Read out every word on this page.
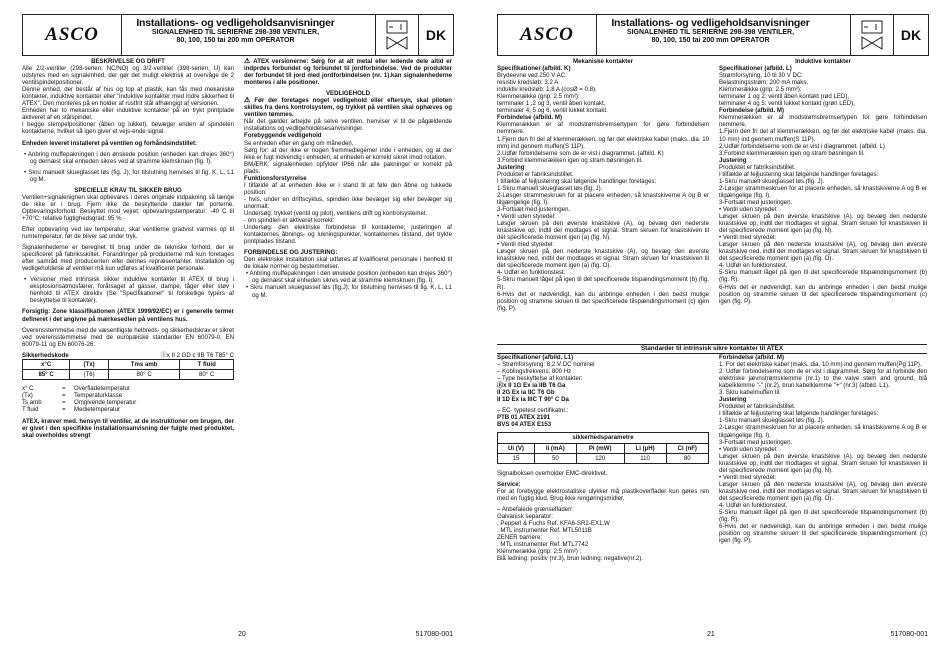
ASCO
Installations- og vedligeholdsanvisninger
SIGNALENHED TIL SERIERNE 298-398 VENTILER,
80, 100, 150 tai 200 mm OPERATOR	DK

BESKRIVELSE OG DRIFT

Alle 2/2-ventiler (298-serien, NC/NO) og 3/2-ventiler (398-serien, U) kan udstyres med en signalenhed, der gør det muligt elektrisk at overvåge de 2 ventilspindelpositioner.

Denne enhed, der består af hus og top af plastik, kan fås med mekaniske kontakter, induktive kontakter eller "induktive kontakter med indre sikkerhed til ATEX". Den monteres på en holder af rustfrit stål afhængigt af versionen.

Enheden har to mekaniske eller induktive kontakter på en trykt printplade aktiveret af en stålspindel.

I begge stempelpositioner (åben og lukket), bevæger enden af spindelen kontakterne, hvilket så igen giver et vejs-ende signal.

Enheden leveret installeret på ventilen og forhåndsindstillet:

• Anbring muffepakningen i den ønskede position (enheden kan drejes 360°) og dernæst skal enheden sikres ved at stramme klemskruen (fig. I).

• Skru manuelt skueglasset løs (fig. J); for tilslutning henvises til fig. K, L, L1 og M.

SPECIELLE KRAV TIL SIKKER BRUG

Ventilen+signalenignen skal opbevares i deres originale indpakning så længe de ikke er i brug. Fjern ikke de beskyttende dækler før porterne. Opbevaringsforhold: Beskyttet mod vejret; opbevaringstemperatur: -40 C til +70°C; relative fugtighedsgrad: 95 %

Efter opbevaring ved lav temperatur, skal ventilerne gradvist varmes op til rumtemperatur, før de bliver sat under tryk.

Signalenhederne er beregnet til brug under de tekniske forhold, der er specificeret på fabriksskiltet. Forandringer på produkterne må kun foretages efter samråd med producenten eller dennes repræsentanter. Installation og vedligeholdelse af ventilen må kun udføres af kvalificeret personale.

• Versioner med intrinsisk sikker induktive kontakter til ATEX til brug i eksplosionsatmosfærer, forårsaget af gasser, dampe, tåger eller støv i henhold til ATEX direktiv (Se "Specifikationer" til forskellige typers af beskyttelse til kontakter).

Forsigtig: Zone klassifikationen (ATEX 1999/92/EC) er i generelle termer defineret i det angivne på mærkesedlen på ventilens hus.

Overensstemmelse med de væsentligste helbreds- og sikkerhedskrav er sikret ved overensstemmelse med de europæiske standarder EN 60079-0, EN 60079-11 og EN 60076-26.

Sikkerhedskode	Ⓔx II 2 GD c IIB T6 T85° C
x°C	(Tx)	Tms amb	T fluid
85° C	(T6)	80° C	80° C
x° C	=	Overfladetemperatur
(Tx)	=	Temperaturklasse
Ts amb	=	Omgivende temperatur
T fluid	=	Medietemperatur

ATEX, kræver med. hensyn til ventiler, at de instruktioner om brugen, der er givet i den specifikke installationsanvisning der fulgte med produktet, skal overholdes strengt

⚠ ATEX versionerne: Sørg for at alt metal eller ledende dele altid er indprdes forbundet og forbundet til jordforbindelse. Ved de produkter der forbundet til jord med jordforbindelsen (nr. 1).kan signalenhederne monteres i alle positioner.

VEDLIGEHOLD

⚠ Før der foretages noget vedligehold eller eftersyn, skal piloten skilles fra dens kontrolsystem, og trykket på ventilen skal ophæves og ventilen tømmes.

Når det gælder arbejde på selve ventilen, henviser vi til de pågældende installations og vedligeholdelsesanvisninger.

Forebyggende vedligehold

Se enheden efter en gang om måneden.

Sørg for: at der ikke er nogen fremmedlegemer inde i enheden, og at der ikke er fugt indvendig i enheden, at enheden er korrekt sikret imod rotation.

BMÆRK: signalenheden opfylder IP66 når alle pakninger er korrekt på plads.

Funktionsforstyrrelse

I tilfælde af at enheden ikke er i stand til at føle den åbne og lukkede position:

- hvis, under en driftscyklus, spindlen ikke bevæger sig eller bevæger sig unormalt:

Undersøg: trykket (ventil og pilot), ventilens drift og kontrolsystemet.

- om spindlen er aktiveret korrekt:

Undersøg: den elektriske forbindelse til kontakterne, justeringen af kontakternes åbnings- og lukningspunkter, kontakternes tilstand, det trykte printplades tilstand.

FORBINDELSE OG JUSTERING:

Den elektriske installation skal udføres af kvalificeret personale i henhold til de lokale normer og bestemmelser.

• Anbring muffepakningen i den ønskede position (enheden kan drejes 360°) og dernæst skal enheden sikres ved at stramme klemskruen (fig. I).

• Skru manuelt skueglasset løs (fig.J); for tilslutning henvises til fig. K, L, L1 og M.

20	517080-001
ASCO
Installations- og vedligeholdsanvisninger
SIGNALENHED TIL SERIERNE 298-398 VENTILER,
80, 100, 150 tai 200 mm OPERATOR	DK

Mekaniske kontakter

Specifikationer (afbild. K)

Brydeevne ved 250 V AC:

resistiv kredsløb: 3.2 A

induktiv kredsløb: 1.8 A (cosØ = 0.8).

Klemmerække (grip: 2.5 mm²):

terminaler 1 ,2 og 3, ventil åben kontakt,

terminaler 4, 5 og 6, ventil lukket kontakt.

Forbindelse (afbild. M)

Klemmerækken er af modstrømsbremsertypen for gøre forbindelsen nemmere.

1.Fjern den fri del af klemmerækken, og før det elektriske kabel (maks. dia. 10 mm) ind gennem muffen(S 11P).

2.Udfør forbindelserne som de er vist i diagrammet. (afbild. K)

3.Forbind klemmerækken igen og stram bøsningen til.

Justering

Produktet er fabriksindstillet.

I tilfælde af fejljustering skal følgende handlinger foretages:

1-Skru manuelt skueglasset løs (fig. J).

2-Løsger strammeskruen for at placere enheden, så knastskiverne A og B er tilgængelige (fig. I).

3-Fortsæt med justeringen.

• Ventil uden styredel:

Løsger skruen på den øverste knastskive (A), og bevæg den nederste knastskive op, indtil der modtages et signal. Stram skruen for knastskiven til det specificerede moment igen (a) (fig. N).

• Ventil med styredel:

Løsger skruen på den nederste knastskive (A), og bevæg den øverste knastskive ned, indtil der modtages et signal. Stram skruen for knastskiven til det specificerede moment igen (a) (fig. O).

4- Udfør en funktionstest.

5-Skru manuelt låget på igen til det specificerede tilspændingsmoment (b) (fig. R).

6-Hvis det er nødvendigt, kan du anbringe enheden i den bedst mulige position og stramme skruen til det specificerede tilspændingsmoment (c) igen (fig. P).

Induktive kontakter

Specifikationer (afbild. L)

Strømforsyning: 10 til 30 V DC:

Belastningsstrøm: 200 mA maks.

Klemmerække (grip: 2.5 mm²):

terminaler 1 og 2: ventil åben kontakt (rød LED),

terminaler 4 og 5: ventil lukket kontakt (grøn LED),

Forbindelse (afbild. M)

Klemmerækken er af modstrømsbremsertypen for gøre forbindelsen nemmere.

1.Fjern den fri del af klemmerækken, og før det elektriske kabel (maks. dia. 10 mm) ind gennem muffen(S 11P).

2.Udfør forbindelserne som de er vist i diagrammet. (afbild. L)

3.Forbind klemmerækken igen og stram bøsningen til.

Justering

Produktet er fabriksindstillet.

I tilfælde af fejljustering skal følgende handlinger foretages:

1-Skru manuelt skueglasset løs (fig. J).

2-Løsger strammeskruen for at placere enheden, så knastskiverne A og B er tilgængelige (fig. I).

3-Fortsæt med justeringen.

• Ventil uden styredel:

Løsger skruen på den øverste knastskive (A), og bevæg den nederste knastskive op, indtil der modtages et signal. Stram skruen for knastskiven til det specificerede moment igen (a) (fig. N).

• Ventil med styredel:

Løsger skruen på den nederste knastskive (A), og bevæg den øverste knastskive ned, indtil der modtages et signal. Stram skruen for knastskiven til det specificerede moment igen (a) (fig. O).

4- Udfør en funktionstest.

5-Skru manuelt låget på igen til det specificerede tilspændingsmoment (b) (fig. R).

6-Hvis det er nødvendigt, kan du anbringe enheden i den bedst mulige position og stramme skruen til det specificerede tilspændingsmoment (c) igen (fig. P).

Standarder til intrinsisk sikre kontakter til ATEX

Specifikationer (afbild. L1)

– Strømforsyning: 8,2 V DC nominel

– Koblingsfrekvens: 800 Hz

– Type beskyttelse af kontakter:

Ⓔx II 1G Ex ia IIB T6 Ga

II 2G Ex ia IIC T6 Gb

II 1D Ex ia IIIC T 90° C Da

– EC- typetest certifikatnr.:

PTB 01 ATEX 2191

BVS 04 ATEX E153

sikkerhedsparametre				
Ui (V)	Ii (mA)	Pi (mW)	Li (µH)	Ci (nF)
15	50	120	110	80

Signalboksen overholder EMC-direktivet.

Service:

For at forebygge elektrostatiske ulykker må plastikoverflader kun gøres ren med en fugtig klud. Brug ikke rengøringsmidler.

– Anbefalede grænsefladerr:

Galvanisk separator:

. Pepperl & Fuchs Ref. KFA6-SR2-EX1.W

. MTL instrumenter Ref. MTL5011B

ZENER barriere:

. MTL instrumenter Ref. MTL7742

Klemmerække (grip: 2,5 mm²) :

Blå ledning: positiv (nr.3), brun ledning: negative(nr.2).

Forbindelse (afbild. M)

1. For det elektriske kabel (maks. dia. 10 mm) ind gennem muffen(Pg 11P).

2. Udfør forbindelserne som de er vist i diagrammet. Sørg for at forbinde den elektriske jævnstrømsklemme (nr.1) to the valve stem and ground, blå kabelklemme "-" (nr.2), brun kabelklemme "+" (nr.3) (afbild. L1).

3. Skru kabelmuffen til.

Justering

Produktet er fabriksindstillet.

I tilfælde af fejljustering skal følgende handlinger foretages:

1-Skru manuelt skueglasset løs (fig. J).

2-Løsger strammeskruen for at placere enheden, så knastskiverne A og B er tilgængelige (fig. I).

3-Fortsæt med justeringen.

• Ventil uden styredel:

Løsger skruen på den øverste knastskive (A), og bevæg den nederste knastskive op, indtil der modtages et signal. Stram skruen for knastskiven til det specificerede moment igen (a) (fig. N).

• Ventil med styredel:

Løsger skruen på den nederste knastskive (A), og bevæg den øverste knastskive ned, indtil der modtages et signal. Stram skruen for knastskiven til det specificerede moment igen (a) (fig. O).

4- Udfør en funktionstest.

5-Skru manuelt låget på igen til det specificerede tilspændingsmoment (b) (fig. R).

6-Hvis det er nødvendigt, kan du anbringe enheden i den bedst mulige position og stramme skruen til det specificerede tilspændingsmoment (c) igen (fig. P).

21	517080-001
